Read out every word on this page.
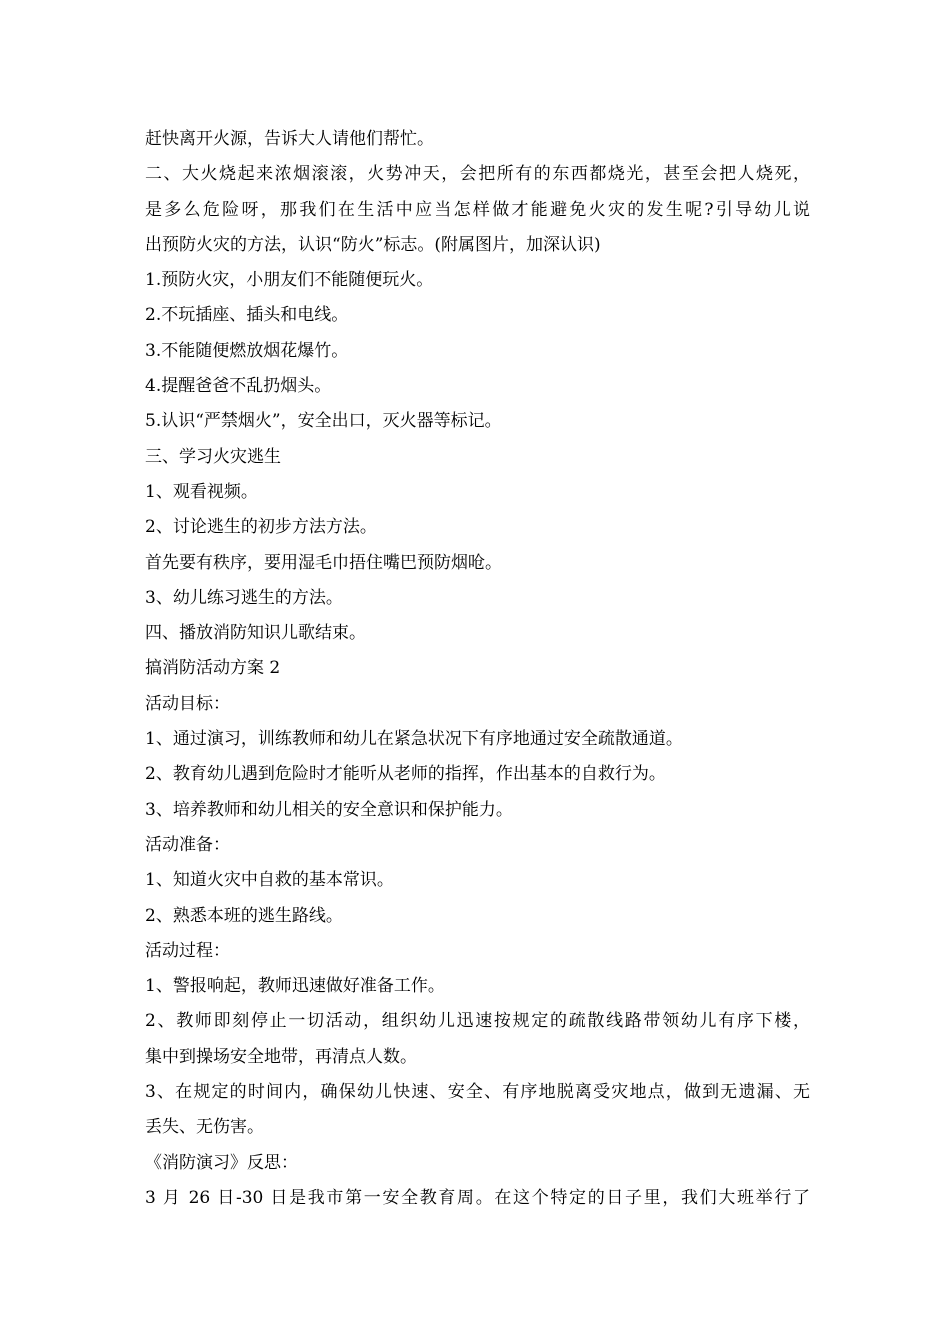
赶快离开火源，告诉大人请他们帮忙。
二、大火烧起来浓烟滚滚，火势冲天，会把所有的东西都烧光，甚至会把人烧死，
是多么危险呀，那我们在生活中应当怎样做才能避免火灾的发生呢?引导幼儿说
出预防火灾的方法，认识“防火”标志。(附属图片，加深认识)
1.预防火灾，小朋友们不能随便玩火。
2.不玩插座、插头和电线。
3.不能随便燃放烟花爆竹。
4.提醒爸爸不乱扔烟头。
5.认识“严禁烟火”，安全出口，灭火器等标记。
三、学习火灾逃生
1、观看视频。
2、讨论逃生的初步方法方法。
首先要有秩序，要用湿毛巾捂住嘴巴预防烟呛。
3、幼儿练习逃生的方法。
四、播放消防知识儿歌结束。
搞消防活动方案 2
活动目标：
1、通过演习，训练教师和幼儿在紧急状况下有序地通过安全疏散通道。
2、教育幼儿遇到危险时才能听从老师的指挥，作出基本的自救行为。
3、培养教师和幼儿相关的安全意识和保护能力。
活动准备：
1、知道火灾中自救的基本常识。
2、熟悉本班的逃生路线。
活动过程：
1、警报响起，教师迅速做好准备工作。
2、教师即刻停止一切活动，组织幼儿迅速按规定的疏散线路带领幼儿有序下楼，
集中到操场安全地带，再清点人数。
3、在规定的时间内，确保幼儿快速、安全、有序地脱离受灾地点，做到无遗漏、无
丢失、无伤害。
《消防演习》反思：
3 月 26 日-30 日是我市第一安全教育周。在这个特定的日子里，我们大班举行了
